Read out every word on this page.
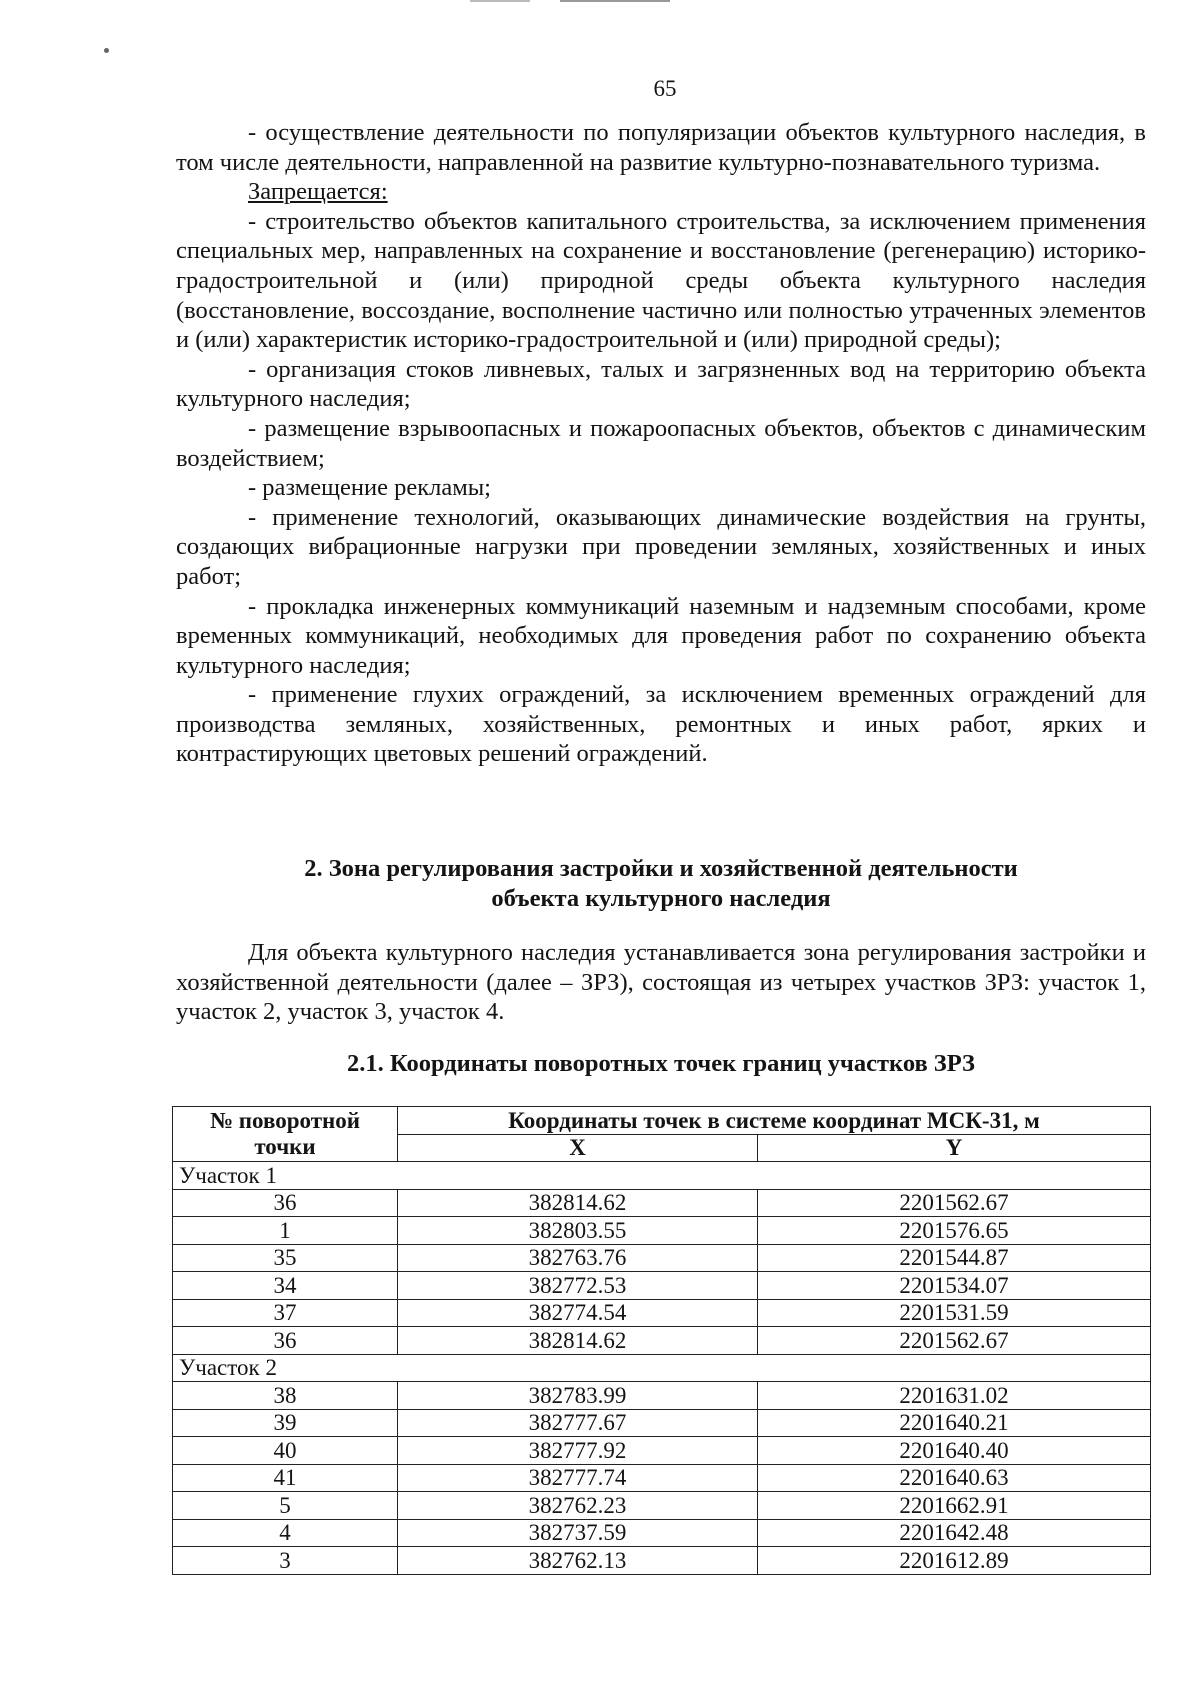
65

- осуществление деятельности по популяризации объектов культурного наследия, в том числе деятельности, направленной на развитие культурно-познавательного туризма.

Запрещается:

- строительство объектов капитального строительства, за исключением применения специальных мер, направленных на сохранение и восстановление (регенерацию) историко-градостроительной и (или) природной среды объекта культурного наследия (восстановление, воссоздание, восполнение частично или полностью утраченных элементов и (или) характеристик историко-градостроительной и (или) природной среды);

- организация стоков ливневых, талых и загрязненных вод на территорию объекта культурного наследия;

- размещение взрывоопасных и пожароопасных объектов, объектов с динамическим воздействием;

- размещение рекламы;

- применение технологий, оказывающих динамические воздействия на грунты, создающих вибрационные нагрузки при проведении земляных, хозяйственных и иных работ;

- прокладка инженерных коммуникаций наземным и надземным способами, кроме временных коммуникаций, необходимых для проведения работ по сохранению объекта культурного наследия;

- применение глухих ограждений, за исключением временных ограждений для производства земляных, хозяйственных, ремонтных и иных работ, ярких и контрастирующих цветовых решений ограждений.

2. Зона регулирования застройки и хозяйственной деятельности
объекта культурного наследия
Для объекта культурного наследия устанавливается зона регулирования застройки и хозяйственной деятельности (далее – ЗРЗ), состоящая из четырех участков ЗРЗ: участок 1, участок 2, участок 3, участок 4.
2.1. Координаты поворотных точек границ участков ЗРЗ
№ поворотной точки	Координаты точек в системе координат МСК-31, м	
	X	Y
Участок 1		
36	382814.62	2201562.67
1	382803.55	2201576.65
35	382763.76	2201544.87
34	382772.53	2201534.07
37	382774.54	2201531.59
36	382814.62	2201562.67
Участок 2		
38	382783.99	2201631.02
39	382777.67	2201640.21
40	382777.92	2201640.40
41	382777.74	2201640.63
5	382762.23	2201662.91
4	382737.59	2201642.48
3	382762.13	2201612.89
